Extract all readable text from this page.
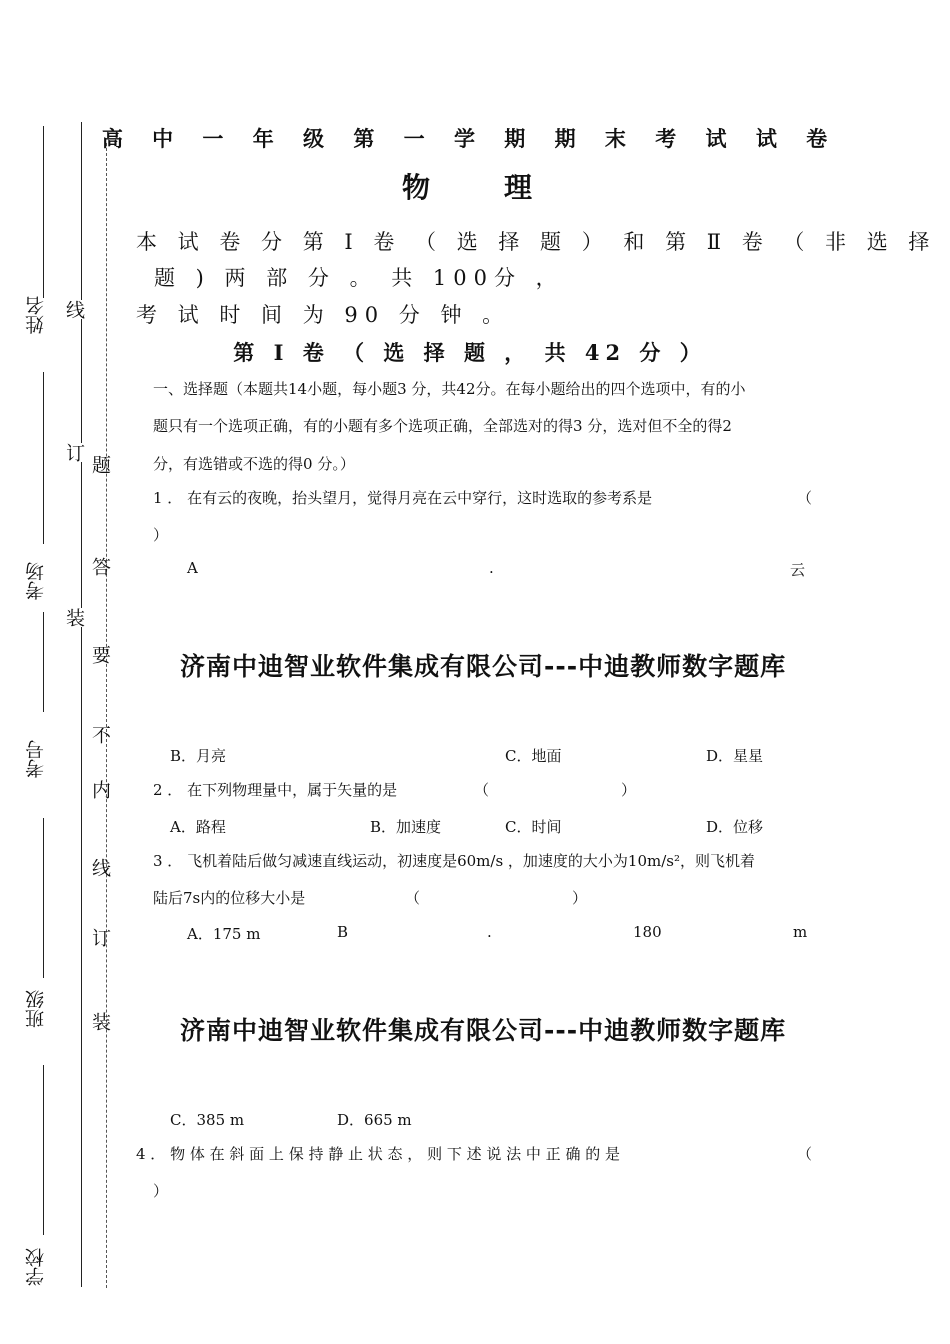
姓名
考场
考号
班级
学校
线
订
装
题
答
要
不
内
线
订
装
高 中 一 年 级 第 一 学 期 期 末 考 试 试 卷
物　　理
本 试 卷 分 第 Ⅰ 卷 （ 选 择 题 ） 和 第 Ⅱ 卷 （ 非 选 择
题 ) 两 部 分 。 共 100分 ，
考 试 时 间 为 90 分 钟 。
第 Ⅰ 卷 （ 选 择 题 ， 共 42 分 ）
一、选择题（本题共14小题，每小题3 分，共42分。在每小题给出的四个选项中，有的小
题只有一个选项正确，有的小题有多个选项正确，全部选对的得3 分，选对但不全的得2
分，有选错或不选的得0 分。）
1 ． 在有云的夜晚，抬头望月，觉得月亮在云中穿行，这时选取的参考系是	（
）
A	.	云
济南中迪智业软件集成有限公司---中迪教师数字题库
B．月亮	C．地面	D．星星
2 ． 在下列物理量中，属于矢量的是	（	）
A．路程	B．加速度	C．时间	D．位移
3 ． 飞机着陆后做匀减速直线运动，初速度是60m/s ，加速度的大小为10m/s²，则飞机着
陆后7s内的位移大小是	（	）
A．175 m	B	.	180	m
济南中迪智业软件集成有限公司---中迪教师数字题库
C．385 m	D．665 m
4 ． 物 体 在 斜 面 上 保 持 静 止 状 态 ， 则 下 述 说 法 中 正 确 的 是	（
）
